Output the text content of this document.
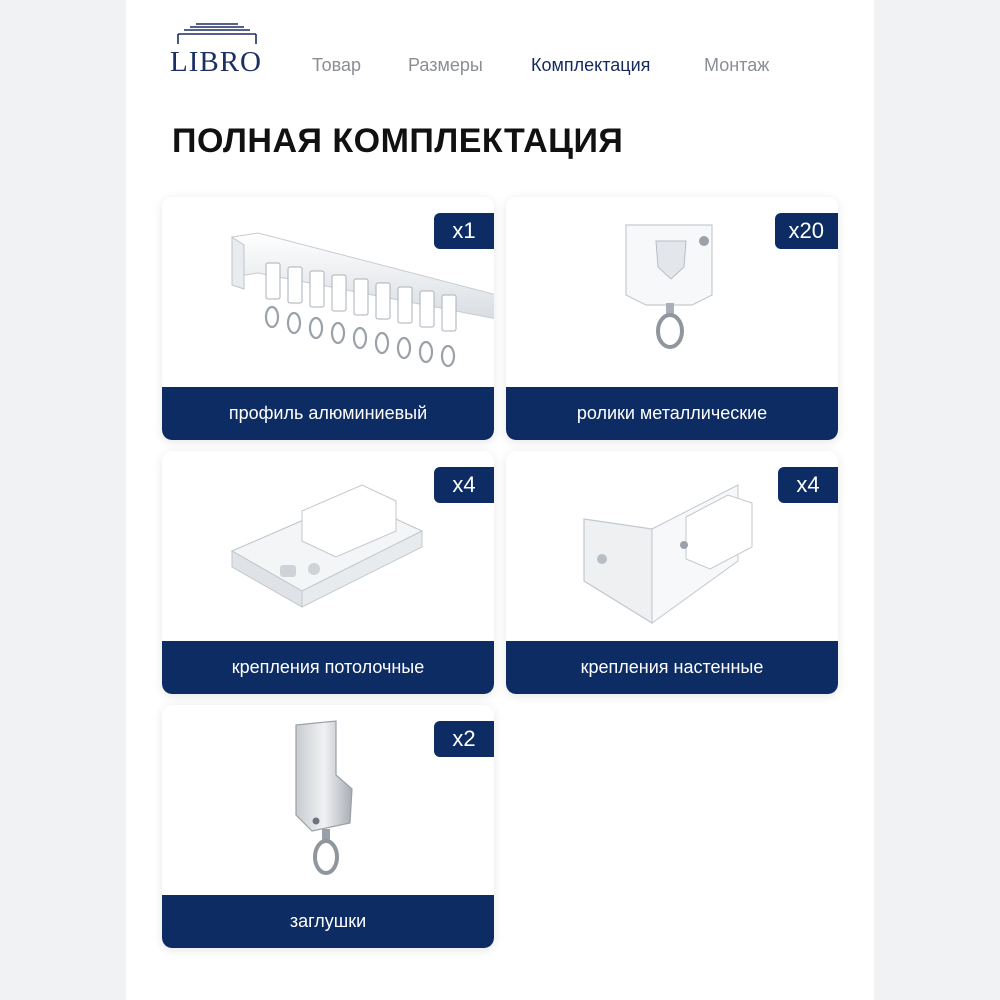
LIBRO	Товар	Размеры	Комплектация	Монтаж
ПОЛНАЯ КОМПЛЕКТАЦИЯ
x1
профиль алюминиевый
x20
ролики металлические
x4
крепления потолочные
x4
крепления настенные
x2
заглушки
